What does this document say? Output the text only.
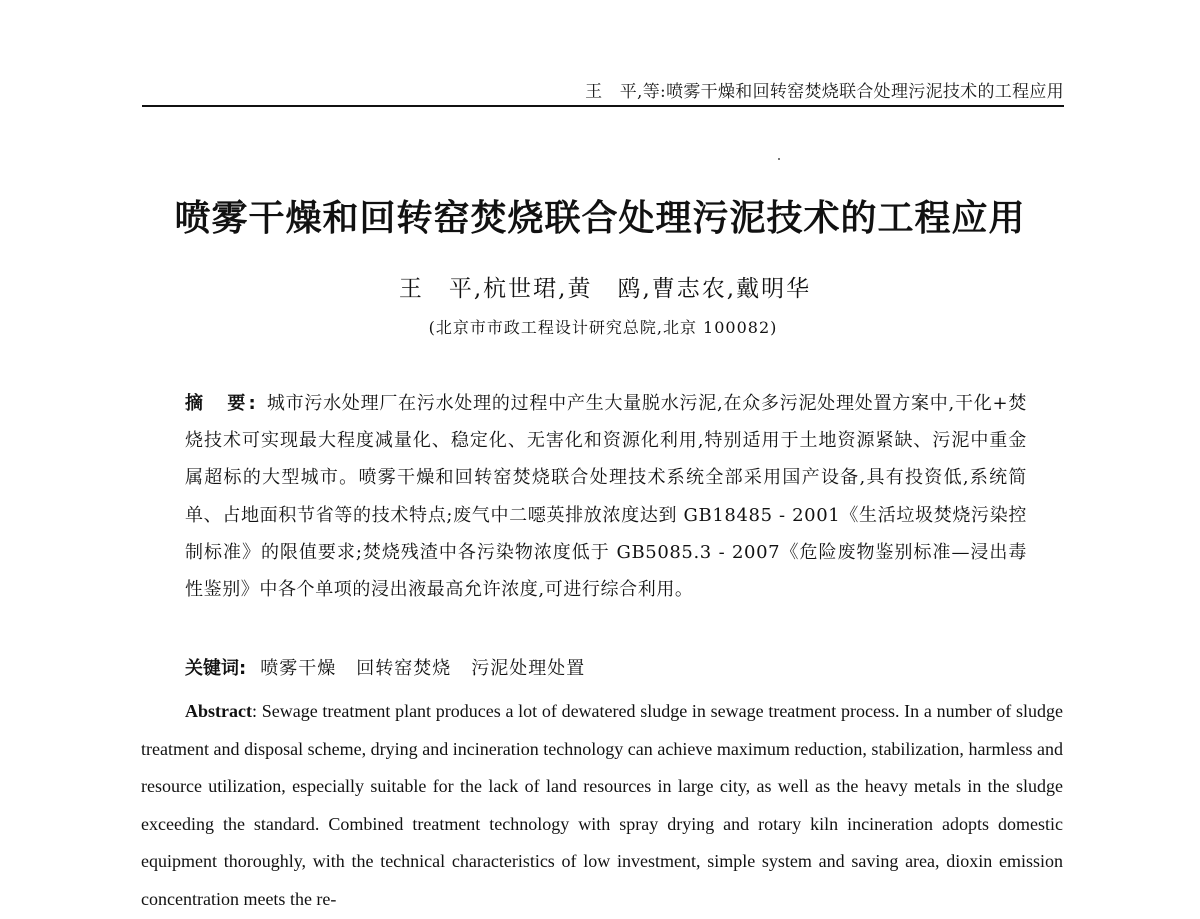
王　平,等:喷雾干燥和回转窑焚烧联合处理污泥技术的工程应用
喷雾干燥和回转窑焚烧联合处理污泥技术的工程应用
王　平,杭世珺,黄　鸥,曹志农,戴明华
(北京市市政工程设计研究总院,北京 100082)
摘　要: 城市污水处理厂在污水处理的过程中产生大量脱水污泥,在众多污泥处理处置方案中,干化+焚烧技术可实现最大程度减量化、稳定化、无害化和资源化利用,特别适用于土地资源紧缺、污泥中重金属超标的大型城市。喷雾干燥和回转窑焚烧联合处理技术系统全部采用国产设备,具有投资低,系统简单、占地面积节省等的技术特点;废气中二噁英排放浓度达到 GB18485 - 2001《生活垃圾焚烧污染控制标准》的限值要求;焚烧残渣中各污染物浓度低于 GB5085.3 - 2007《危险废物鉴别标准—浸出毒性鉴别》中各个单项的浸出液最高允许浓度,可进行综合利用。
关键词: 喷雾干燥 回转窑焚烧 污泥处理处置
Abstract: Sewage treatment plant produces a lot of dewatered sludge in sewage treatment process. In a number of sludge treatment and disposal scheme, drying and incineration technology can achieve maximum reduction, stabilization, harmless and resource utilization, especially suitable for the lack of land resources in large city, as well as the heavy metals in the sludge exceeding the standard. Combined treatment technology with spray drying and rotary kiln incineration adopts domestic equipment thoroughly, with the technical characteristics of low investment, simple system and saving area, dioxin emission concentration meets the re-
